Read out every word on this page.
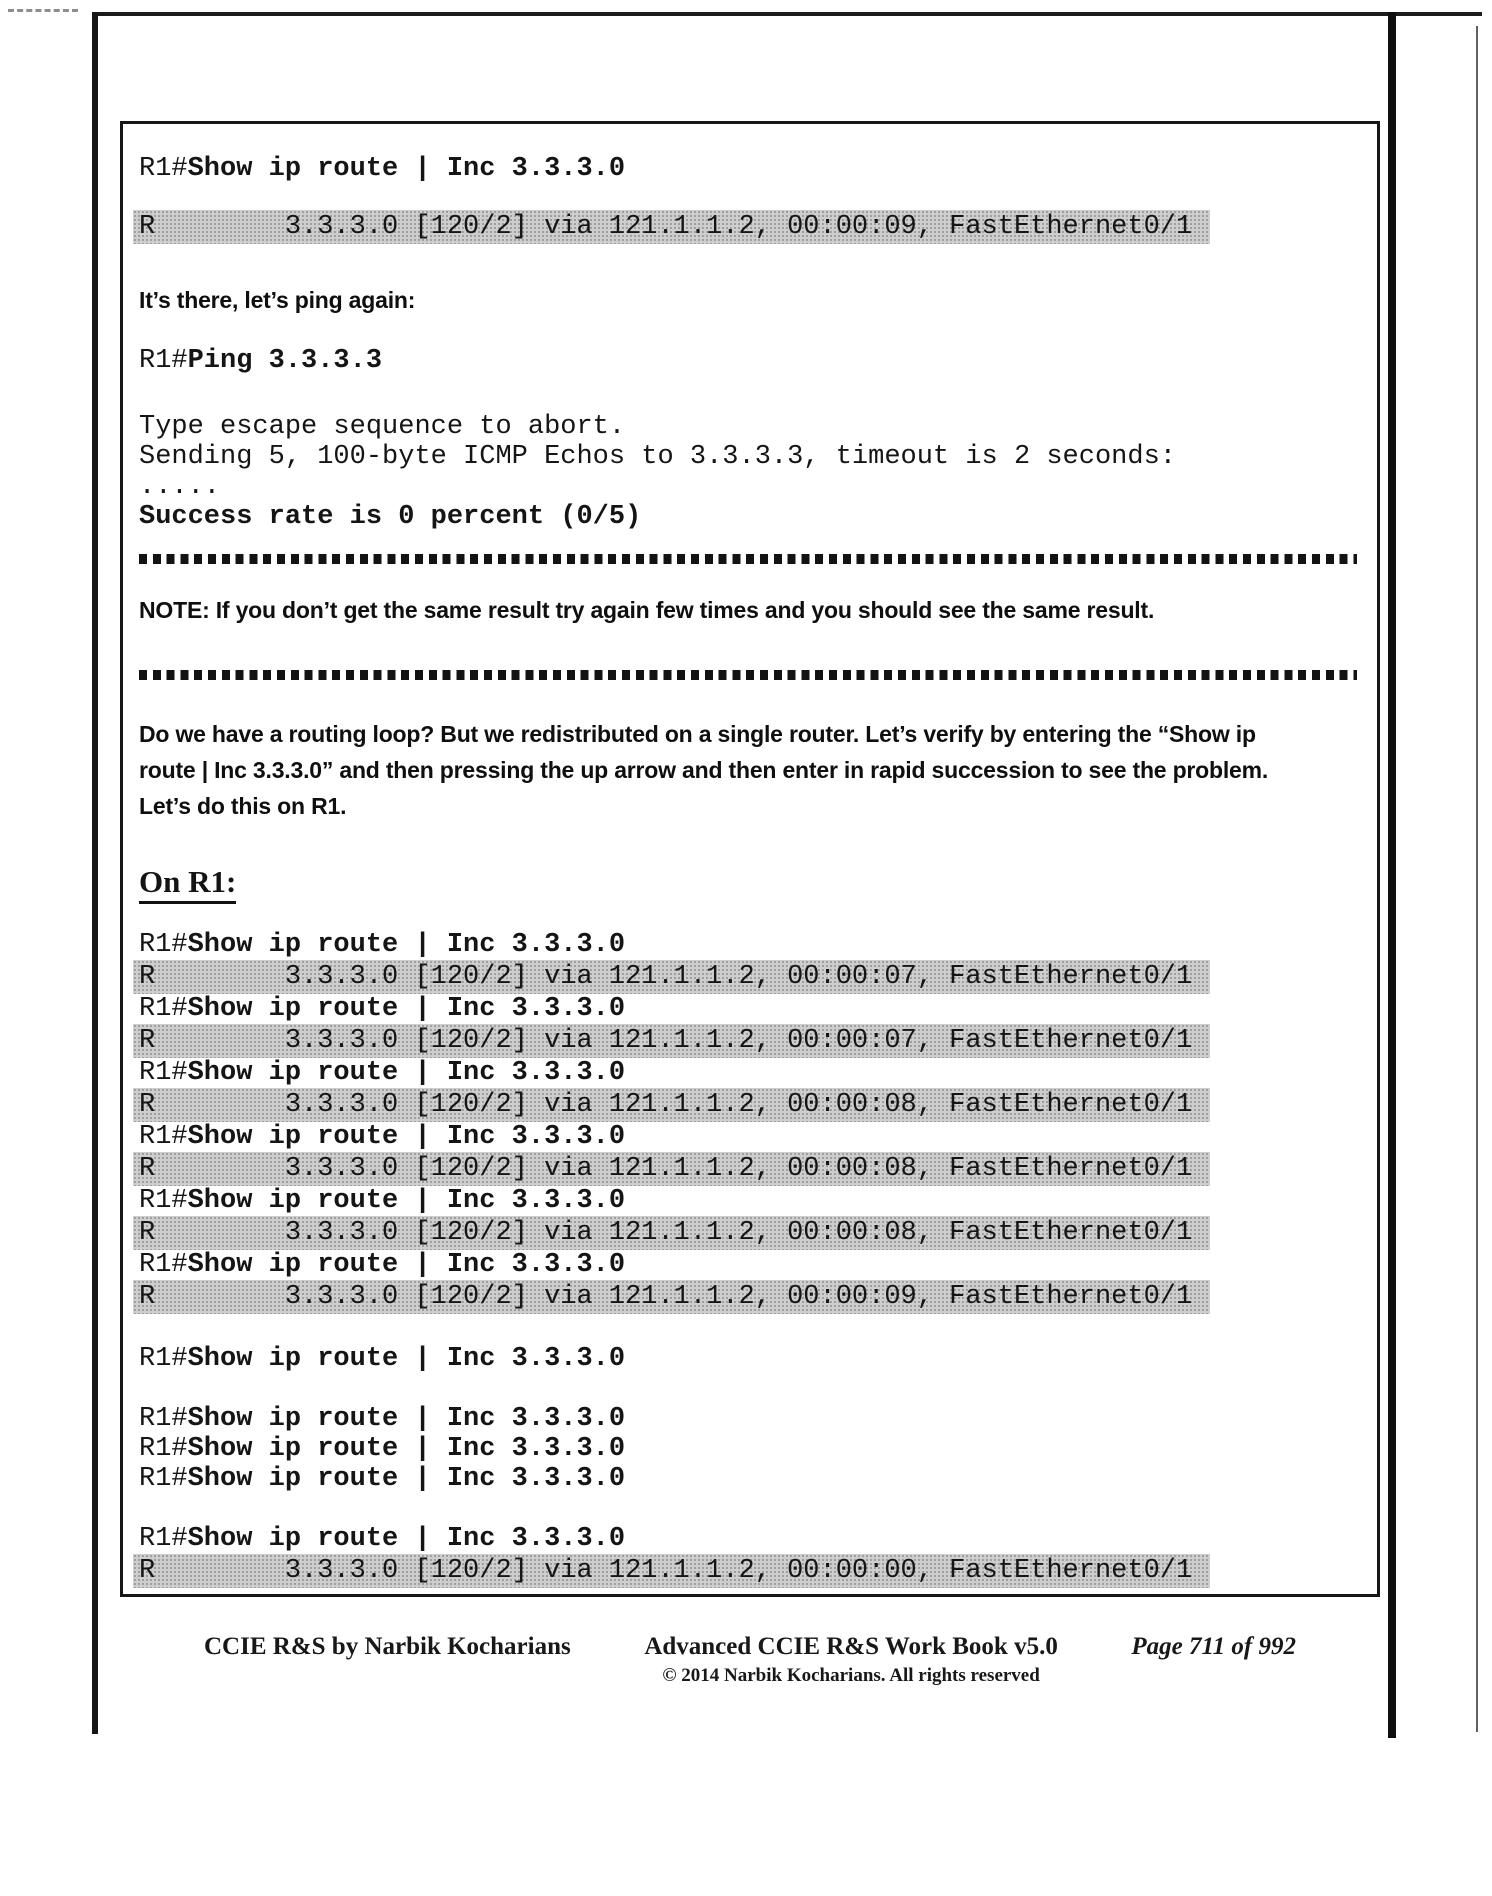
R1#Show ip route | Inc 3.3.3.0
R        3.3.3.0 [120/2] via 121.1.1.2, 00:00:09, FastEthernet0/1
It’s there, let’s ping again:
R1#Ping 3.3.3.3
Type escape sequence to abort.
Sending 5, 100-byte ICMP Echos to 3.3.3.3, timeout is 2 seconds:
.....
Success rate is 0 percent (0/5)
NOTE: If you don’t get the same result try again few times and you should see the same result.
Do we have a routing loop? But we redistributed on a single router. Let’s verify by entering the “Show ip
route | Inc 3.3.3.0” and then pressing the up arrow and then enter in rapid succession to see the problem.
Let’s do this on R1.
On R1:
R1#Show ip route | Inc 3.3.3.0
R        3.3.3.0 [120/2] via 121.1.1.2, 00:00:07, FastEthernet0/1
R1#Show ip route | Inc 3.3.3.0
R        3.3.3.0 [120/2] via 121.1.1.2, 00:00:07, FastEthernet0/1
R1#Show ip route | Inc 3.3.3.0
R        3.3.3.0 [120/2] via 121.1.1.2, 00:00:08, FastEthernet0/1
R1#Show ip route | Inc 3.3.3.0
R        3.3.3.0 [120/2] via 121.1.1.2, 00:00:08, FastEthernet0/1
R1#Show ip route | Inc 3.3.3.0
R        3.3.3.0 [120/2] via 121.1.1.2, 00:00:08, FastEthernet0/1
R1#Show ip route | Inc 3.3.3.0
R        3.3.3.0 [120/2] via 121.1.1.2, 00:00:09, FastEthernet0/1
R1#Show ip route | Inc 3.3.3.0
R1#Show ip route | Inc 3.3.3.0
R1#Show ip route | Inc 3.3.3.0
R1#Show ip route | Inc 3.3.3.0
R1#Show ip route | Inc 3.3.3.0
R        3.3.3.0 [120/2] via 121.1.1.2, 00:00:00, FastEthernet0/1
CCIE R&S by Narbik Kocharians	Advanced CCIE R&S Work Book v5.0
© 2014 Narbik Kocharians. All rights reserved
Page 711 of 992
